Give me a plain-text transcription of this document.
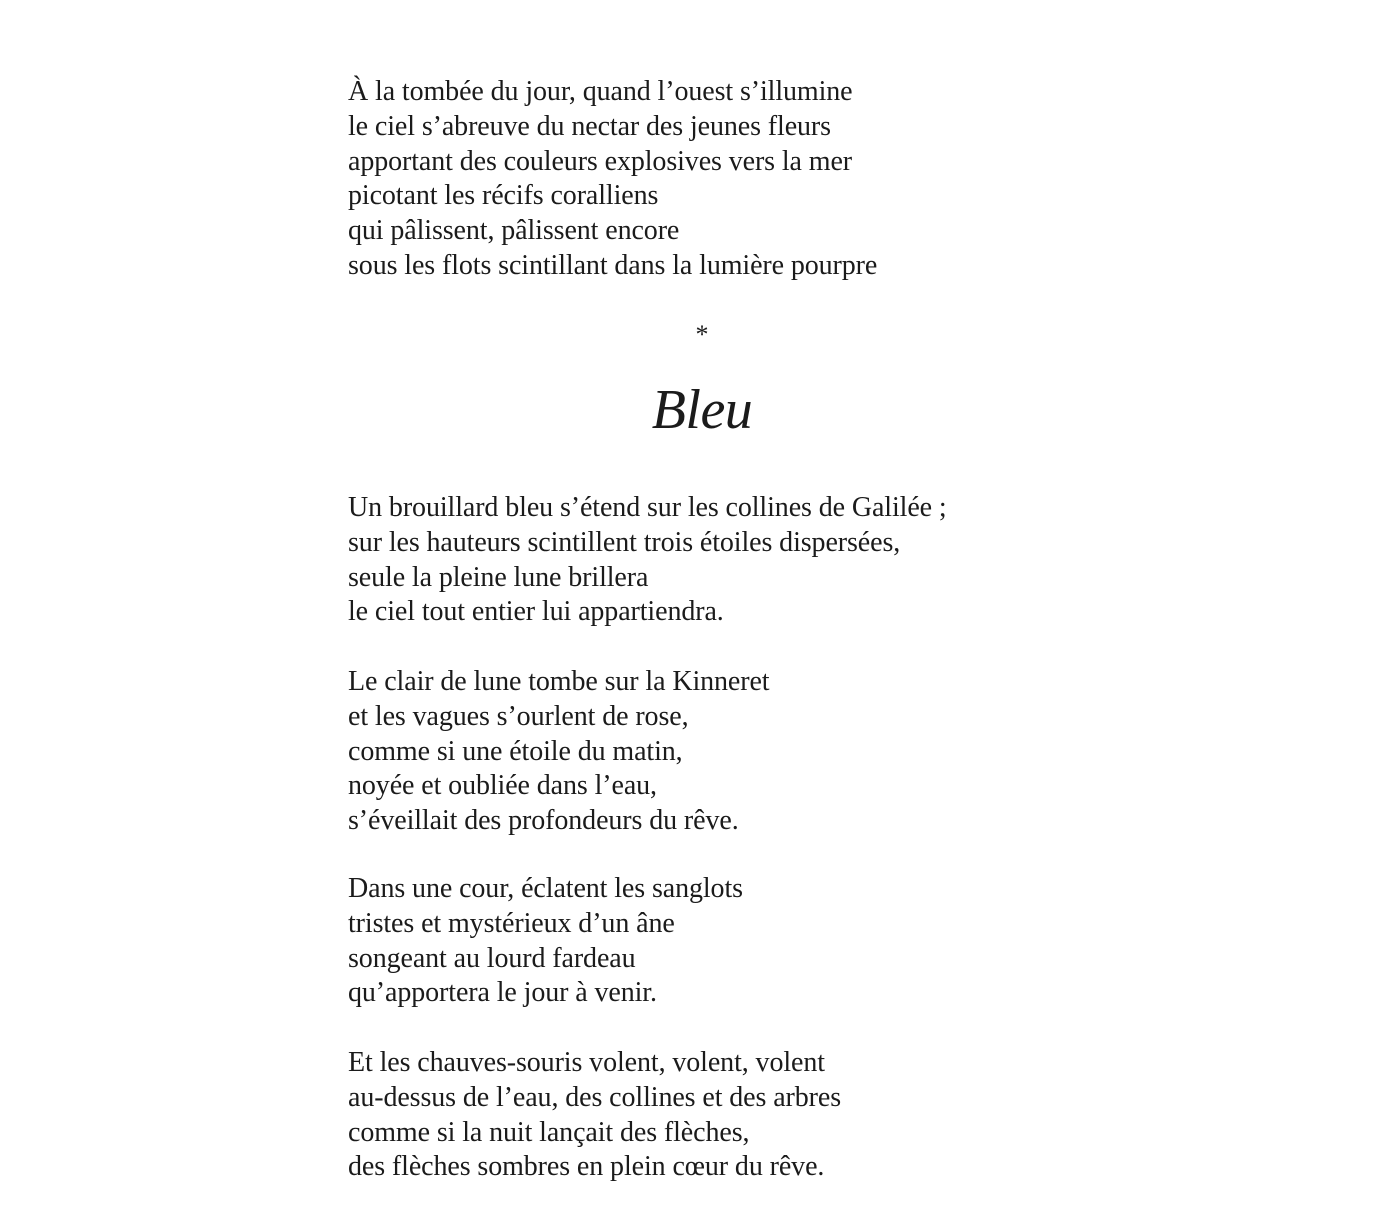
À la tombée du jour, quand l’ouest s’illumine
le ciel s’abreuve du nectar des jeunes fleurs
apportant des couleurs explosives vers la mer
picotant les récifs coralliens
qui pâlissent, pâlissent encore
sous les flots scintillant dans la lumière pourpre
*
Bleu
Un brouillard bleu s’étend sur les collines de Galilée ;
sur les hauteurs scintillent trois étoiles dispersées,
seule la pleine lune brillera
le ciel tout entier lui appartiendra.
Le clair de lune tombe sur la Kinneret
et les vagues s’ourlent de rose,
comme si une étoile du matin,
noyée et oubliée dans l’eau,
s’éveillait des profondeurs du rêve.
Dans une cour, éclatent les sanglots
tristes et mystérieux d’un âne
songeant au lourd fardeau
qu’apportera le jour à venir.
Et les chauves-souris volent, volent, volent
au-dessus de l’eau, des collines et des arbres
comme si la nuit lançait des flèches,
des flèches sombres en plein cœur du rêve.
